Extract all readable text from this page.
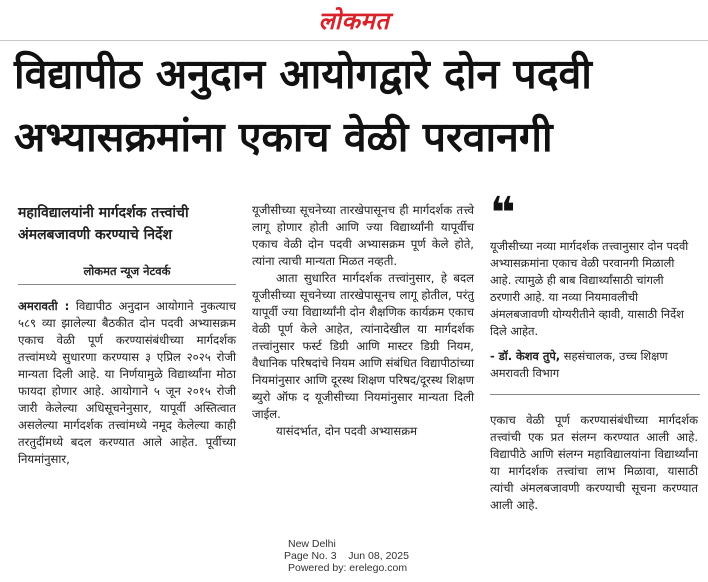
लोकमत
विद्यापीठ अनुदान आयोगद्वारे दोन पदवी
अभ्यासक्रमांना एकाच वेळी परवानगी
महाविद्यालयांनी मार्गदर्शक तत्त्वांची अंमलबजावणी करण्याचे निर्देश
लोकमत न्यूज नेटवर्क
अमरावती : विद्यापीठ अनुदान आयोगाने नुकत्याच ५८९ व्या झालेल्या बैठकीत दोन पदवी अभ्यासक्रम एकाच वेळी पूर्ण करण्यासंबंधीच्या मार्गदर्शक तत्त्वांमध्ये सुधारणा करण्यास ३ एप्रिल २०२५ रोजी मान्यता दिली आहे. या निर्णयामुळे विद्यार्थ्यांना मोठा फायदा होणार आहे. आयोगाने ५ जून २०१५ रोजी जारी केलेल्या अधिसूचनेनुसार, यापूर्वी अस्तित्वात असलेल्या मार्गदर्शक तत्त्वांमध्ये नमूद केलेल्या काही तरतुदींमध्ये बदल करण्यात आले आहेत. पूर्वीच्या नियमांनुसार,

यूजीसीच्या सूचनेच्या तारखेपासूनच ही मार्गदर्शक तत्त्वे लागू होणार होती आणि ज्या विद्यार्थ्यांनी यापूर्वीच एकाच वेळी दोन पदवी अभ्यासक्रम पूर्ण केले होते, त्यांना त्याची मान्यता मिळत नव्हती.

आता सुधारित मार्गदर्शक तत्त्वांनुसार, हे बदल यूजीसीच्या सूचनेच्या तारखेपासूनच लागू होतील, परंतु यापूर्वी ज्या विद्यार्थ्यांनी दोन शैक्षणिक कार्यक्रम एकाच वेळी पूर्ण केले आहेत, त्यांनादेखील या मार्गदर्शक तत्त्वांनुसार फर्स्ट डिग्री आणि मास्टर डिग्री नियम, वैधानिक परिषदांचे नियम आणि संबंधित विद्यापीठांच्या नियमांनुसार आणि दूरस्थ शिक्षण परिषद/दूरस्थ शिक्षण ब्युरो ऑफ द यूजीसीच्या नियमांनुसार मान्यता दिली जाईल.

यासंदर्भात, दोन पदवी अभ्यासक्रम

❝
यूजीसीच्या नव्या मार्गदर्शक तत्त्वानुसार दोन पदवी अभ्यासक्रमांना एकाच वेळी परवानगी मिळाली आहे. त्यामुळे ही बाब विद्यार्थ्यांसाठी चांगली ठरणारी आहे. या नव्या नियमावलीची अंमलबजावणी योग्यरीतीने व्हावी, यासाठी निर्देश दिले आहेत.
- डॉ. केशव तुपे, सहसंचालक, उच्च शिक्षण अमरावती विभाग
एकाच वेळी पूर्ण करण्यासंबंधीच्या मार्गदर्शक तत्त्वांची एक प्रत संलग्न करण्यात आली आहे. विद्यापीठे आणि संलग्न महाविद्यालयांना विद्यार्थ्यांना या मार्गदर्शक तत्त्वांचा लाभ मिळावा, यासाठी त्यांची अंमलबजावणी करण्याची सूचना करण्यात आली आहे.
New Delhi
Page No. 3    Jun 08, 2025
Powered by: erelego.com
